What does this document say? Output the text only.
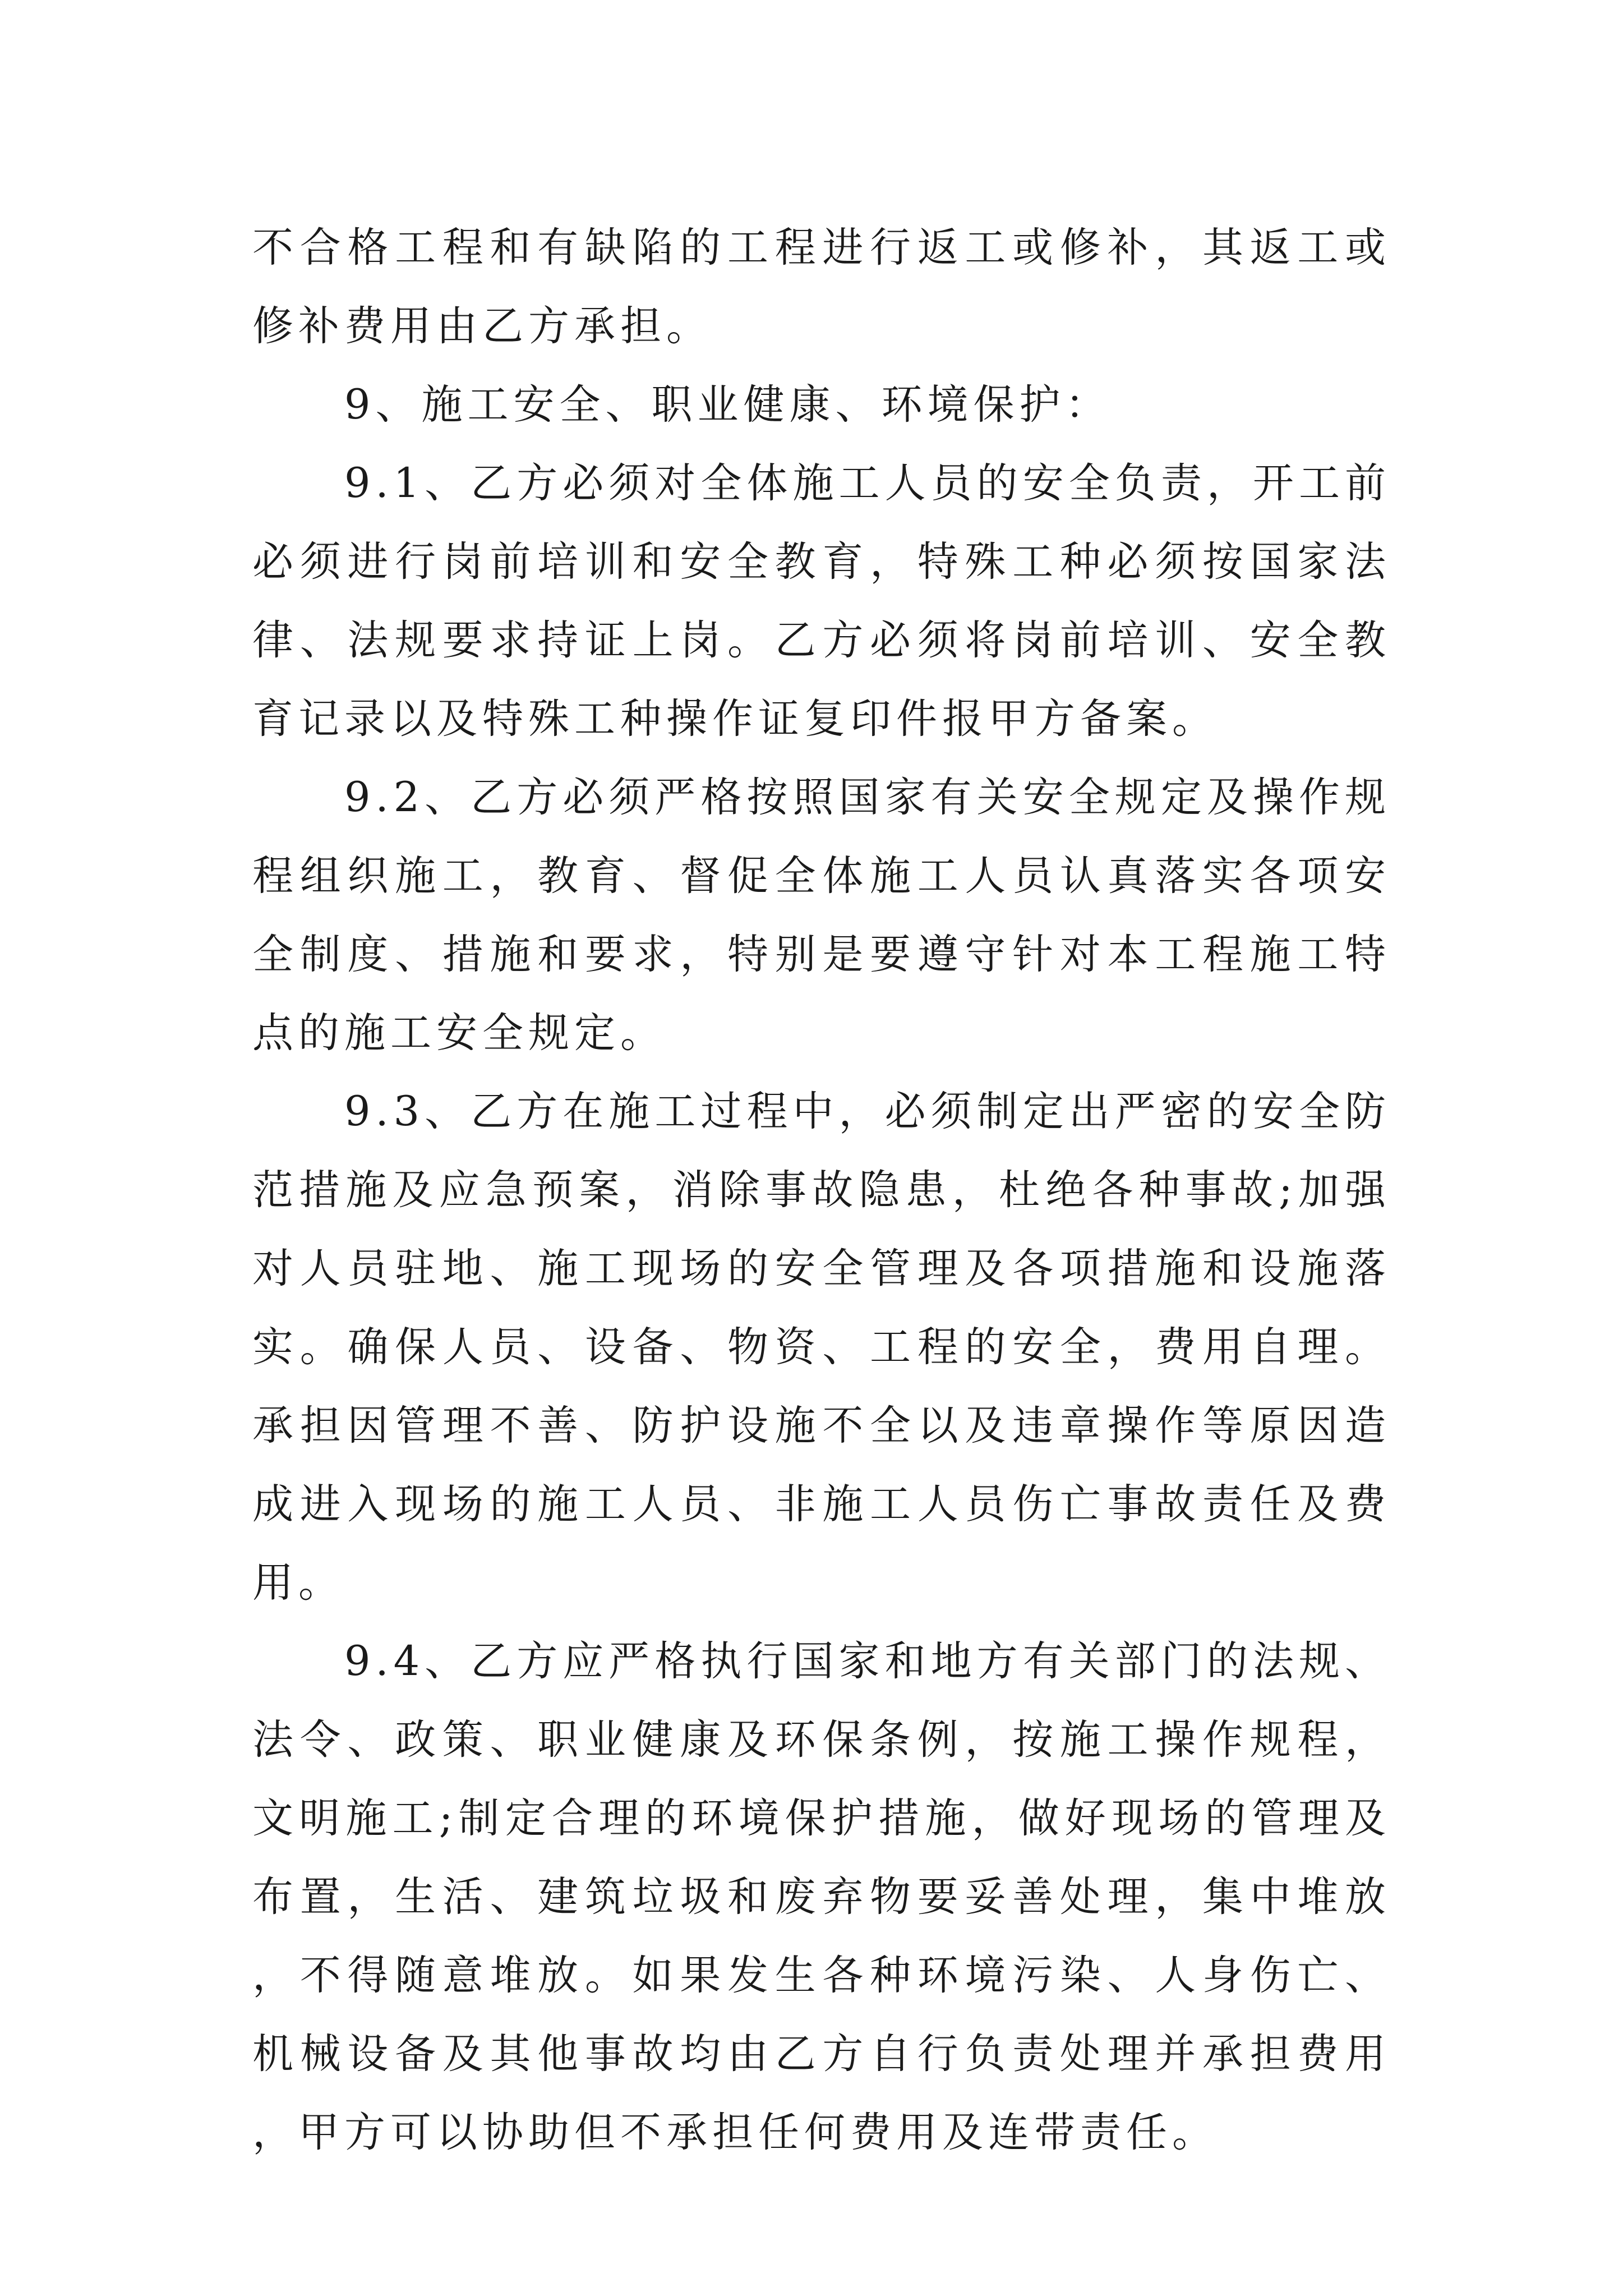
不合格工程和有缺陷的工程进行返工或修补，其返工或修补费用由乙方承担。

9、施工安全、职业健康、环境保护：

9.1、乙方必须对全体施工人员的安全负责，开工前必须进行岗前培训和安全教育，特殊工种必须按国家法律、法规要求持证上岗。乙方必须将岗前培训、安全教育记录以及特殊工种操作证复印件报甲方备案。

9.2、乙方必须严格按照国家有关安全规定及操作规程组织施工，教育、督促全体施工人员认真落实各项安全制度、措施和要求，特别是要遵守针对本工程施工特点的施工安全规定。

9.3、乙方在施工过程中，必须制定出严密的安全防范措施及应急预案，消除事故隐患，杜绝各种事故;加强对人员驻地、施工现场的安全管理及各项措施和设施落实。确保人员、设备、物资、工程的安全，费用自理。承担因管理不善、防护设施不全以及违章操作等原因造成进入现场的施工人员、非施工人员伤亡事故责任及费用。

9.4、乙方应严格执行国家和地方有关部门的法规、法令、政策、职业健康及环保条例，按施工操作规程，文明施工;制定合理的环境保护措施，做好现场的管理及布置，生活、建筑垃圾和废弃物要妥善处理，集中堆放，不得随意堆放。如果发生各种环境污染、人身伤亡、机械设备及其他事故均由乙方自行负责处理并承担费用，甲方可以协助但不承担任何费用及连带责任。
